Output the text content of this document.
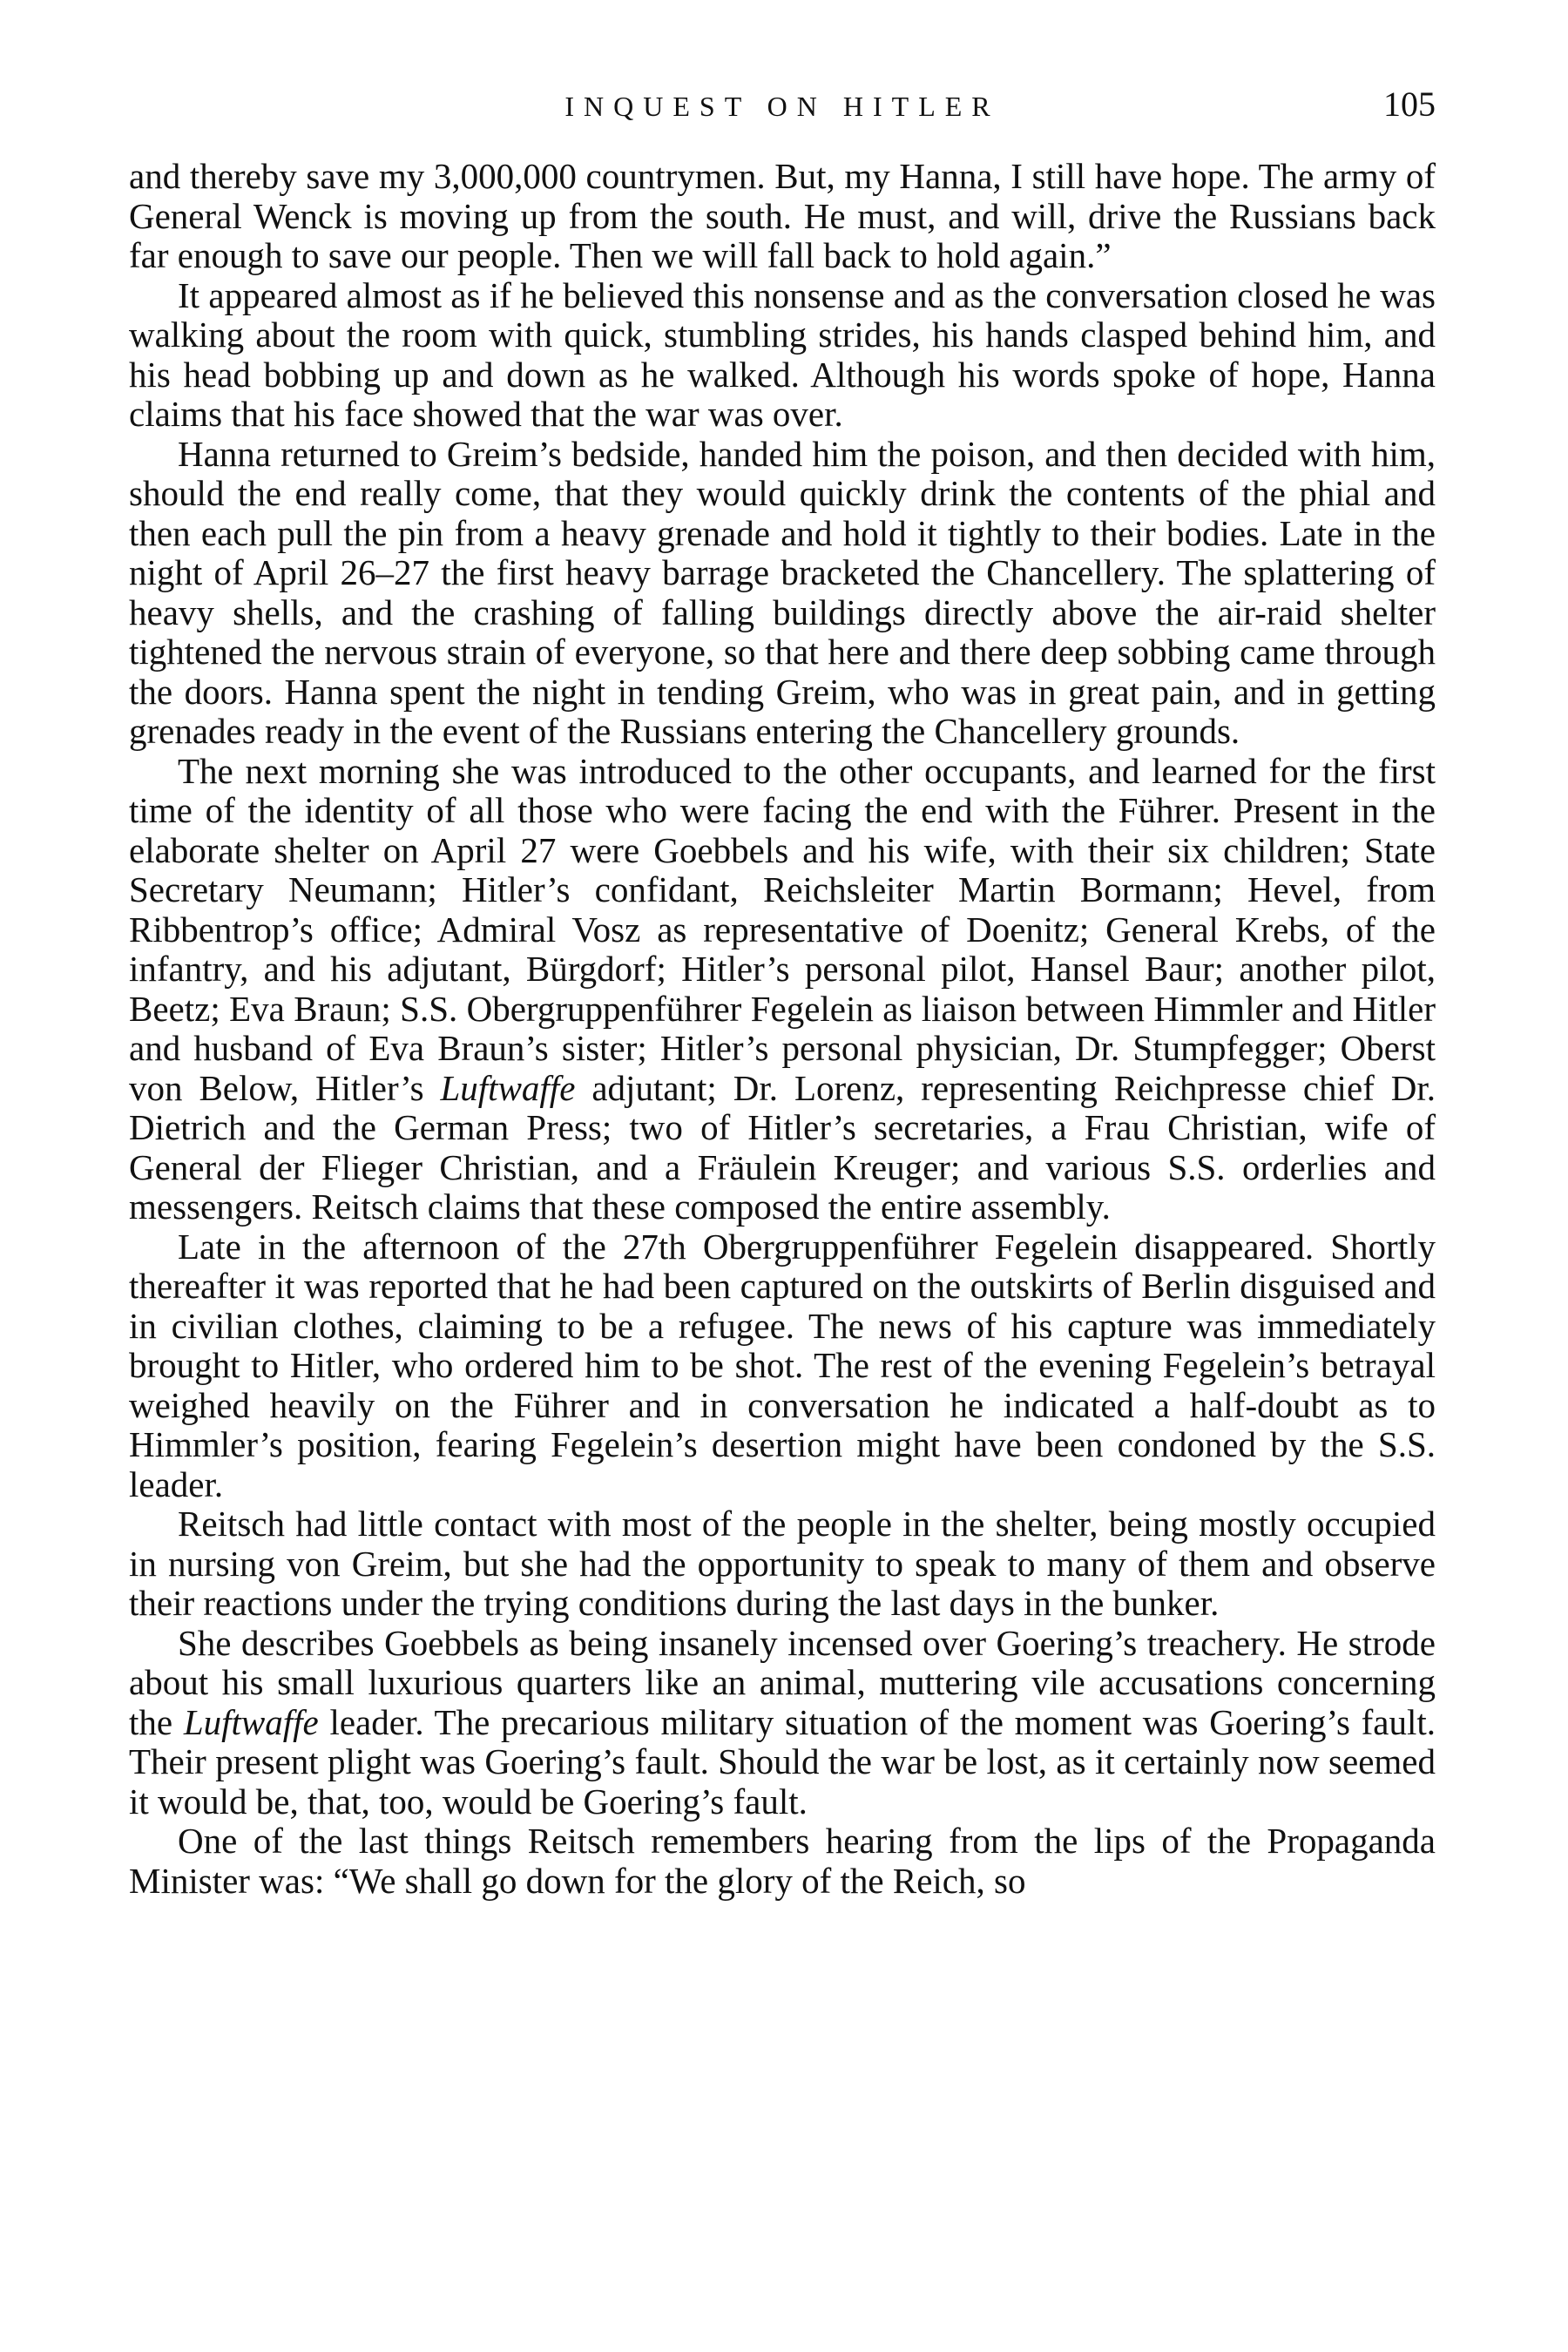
INQUEST ON HITLER	105

and thereby save my 3,000,000 countrymen. But, my Hanna, I still have hope. The army of General Wenck is moving up from the south. He must, and will, drive the Russians back far enough to save our people. Then we will fall back to hold again.”

It appeared almost as if he believed this nonsense and as the conversation closed he was walking about the room with quick, stumbling strides, his hands clasped behind him, and his head bobbing up and down as he walked. Although his words spoke of hope, Hanna claims that his face showed that the war was over.

Hanna returned to Greim’s bedside, handed him the poison, and then decided with him, should the end really come, that they would quickly drink the contents of the phial and then each pull the pin from a heavy grenade and hold it tightly to their bodies. Late in the night of April 26–27 the first heavy barrage bracketed the Chancellery. The splattering of heavy shells, and the crashing of falling buildings directly above the air-raid shelter tightened the nervous strain of everyone, so that here and there deep sobbing came through the doors. Hanna spent the night in tending Greim, who was in great pain, and in getting grenades ready in the event of the Russians entering the Chancellery grounds.

The next morning she was introduced to the other occupants, and learned for the first time of the identity of all those who were facing the end with the Führer. Present in the elaborate shelter on April 27 were Goebbels and his wife, with their six children; State Secretary Neumann; Hitler’s confidant, Reichsleiter Martin Bormann; Hevel, from Ribbentrop’s office; Admiral Vosz as representative of Doenitz; General Krebs, of the infantry, and his adjutant, Bürgdorf; Hitler’s personal pilot, Hansel Baur; another pilot, Beetz; Eva Braun; S.S. Obergruppenführer Fegelein as liaison between Himmler and Hitler and husband of Eva Braun’s sister; Hitler’s personal physician, Dr. Stumpfegger; Oberst von Below, Hitler’s Luftwaffe adjutant; Dr. Lorenz, representing Reichpresse chief Dr. Dietrich and the German Press; two of Hitler’s secretaries, a Frau Christian, wife of General der Flieger Christian, and a Fräulein Kreuger; and various S.S. orderlies and messengers. Reitsch claims that these composed the entire assembly.

Late in the afternoon of the 27th Obergruppenführer Fegelein disappeared. Shortly thereafter it was reported that he had been captured on the outskirts of Berlin disguised and in civilian clothes, claiming to be a refugee. The news of his capture was immediately brought to Hitler, who ordered him to be shot. The rest of the evening Fegelein’s betrayal weighed heavily on the Führer and in conversation he indicated a half-doubt as to Himmler’s position, fearing Fegelein’s desertion might have been condoned by the S.S. leader.

Reitsch had little contact with most of the people in the shelter, being mostly occupied in nursing von Greim, but she had the opportunity to speak to many of them and observe their reactions under the trying conditions during the last days in the bunker.

She describes Goebbels as being insanely incensed over Goering’s treachery. He strode about his small luxurious quarters like an animal, muttering vile accusations concerning the Luftwaffe leader. The precarious military situation of the moment was Goering’s fault. Their present plight was Goering’s fault. Should the war be lost, as it certainly now seemed it would be, that, too, would be Goering’s fault.

One of the last things Reitsch remembers hearing from the lips of the Propaganda Minister was: “We shall go down for the glory of the Reich, so
